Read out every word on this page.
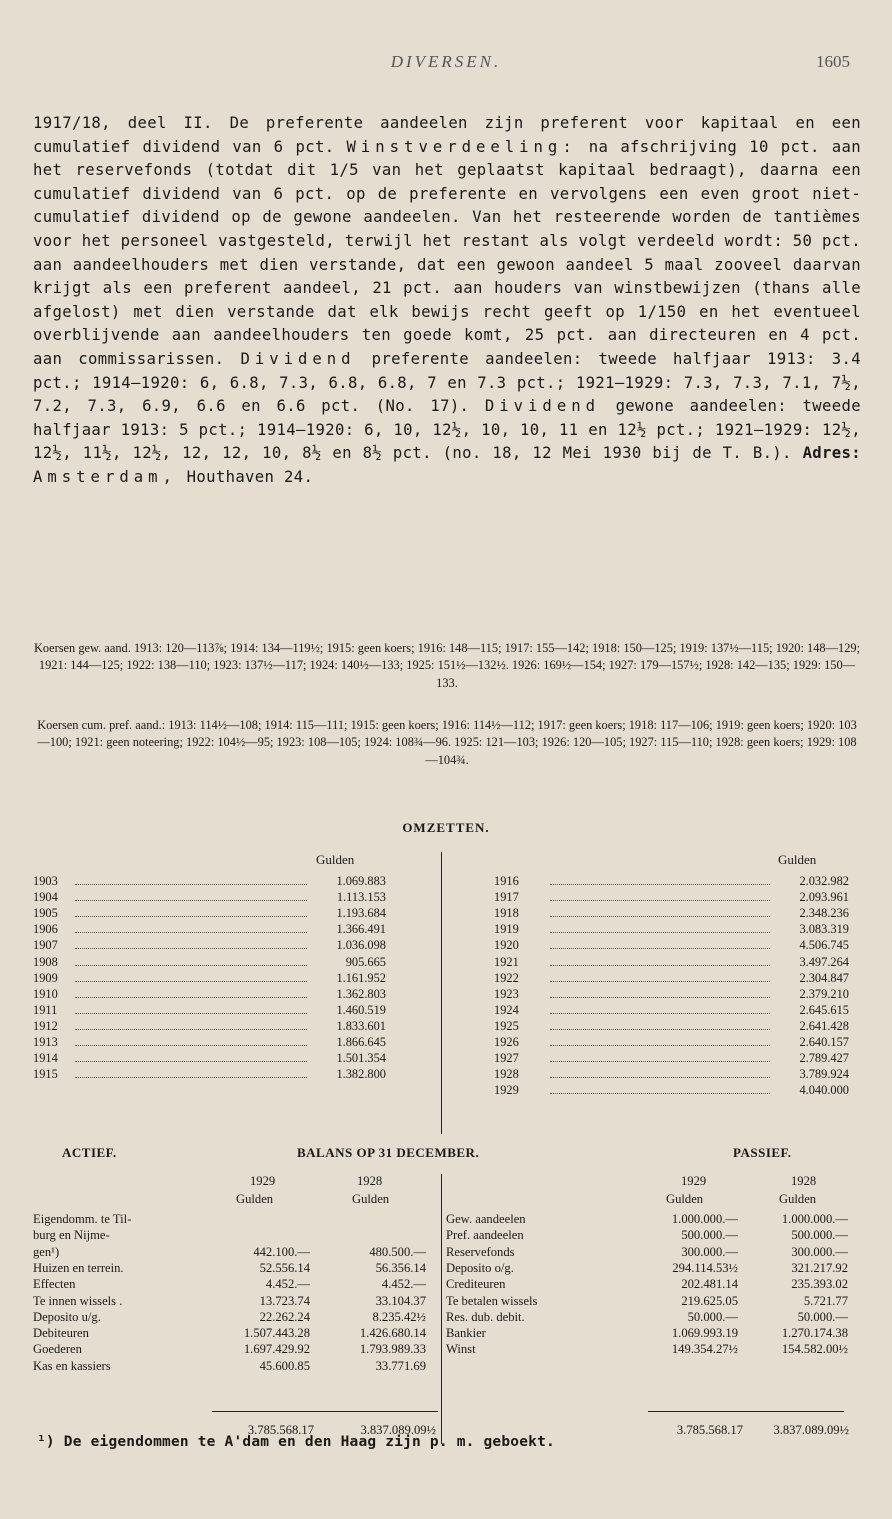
DIVERSEN.	1605
1917/18, deel II. De preferente aandeelen zijn preferent voor kapitaal en een cumulatief dividend van 6 pct. Winstverdeeling: na afschrijving 10 pct. aan het reservefonds (totdat dit 1/5 van het geplaatst kapitaal bedraagt), daarna een cumulatief dividend van 6 pct. op de preferente en vervolgens een even groot niet-cumulatief dividend op de gewone aandeelen. Van het resteerende worden de tantièmes voor het personeel vastgesteld, terwijl het restant als volgt verdeeld wordt: 50 pct. aan aandeelhouders met dien verstande, dat een gewoon aandeel 5 maal zooveel daarvan krijgt als een preferent aandeel, 21 pct. aan houders van winstbewijzen (thans alle afgelost) met dien verstande dat elk bewijs recht geeft op 1/150 en het eventueel overblijvende aan aandeelhouders ten goede komt, 25 pct. aan directeuren en 4 pct. aan commissarissen. Dividend preferente aandeelen: tweede halfjaar 1913: 3.4 pct.; 1914—1920: 6, 6.8, 7.3, 6.8, 6.8, 7 en 7.3 pct.; 1921—1929: 7.3, 7.3, 7.1, 7½, 7.2, 7.3, 6.9, 6.6 en 6.6 pct. (No. 17). Dividend gewone aandeelen: tweede halfjaar 1913: 5 pct.; 1914—1920: 6, 10, 12½, 10, 10, 11 en 12½ pct.; 1921—1929: 12½, 12½, 11½, 12½, 12, 12, 10, 8½ en 8½ pct. (no. 18, 12 Mei 1930 bij de T. B.). Adres: Amsterdam, Houthaven 24.
Koersen gew. aand. 1913: 120—113⅞; 1914: 134—119½; 1915: geen koers; 1916: 148—115; 1917: 155—142; 1918: 150—125; 1919: 137½—115; 1920: 148—129; 1921: 144—125; 1922: 138—110; 1923: 137½—117; 1924: 140½—133; 1925: 151½—132½. 1926: 169½—154; 1927: 179—157½; 1928: 142—135; 1929: 150—133.
Koersen cum. pref. aand.: 1913: 114½—108; 1914: 115—111; 1915: geen koers; 1916: 114½—112; 1917: geen koers; 1918: 117—106; 1919: geen koers; 1920: 103—100; 1921: geen noteering; 1922: 104½—95; 1923: 108—105; 1924: 108¾—96. 1925: 121—103; 1926: 120—105; 1927: 115—110; 1928: geen koers; 1929: 108—104¾.
OMZETTEN.
Gulden	Gulden
1903	1.069.883
1904	1.113.153
1905	1.193.684
1906	1.366.491
1907	1.036.098
1908	905.665
1909	1.161.952
1910	1.362.803
1911	1.460.519
1912	1.833.601
1913	1.866.645
1914	1.501.354
1915	1.382.800
1916	2.032.982
1917	2.093.961
1918	2.348.236
1919	3.083.319
1920	4.506.745
1921	3.497.264
1922	2.304.847
1923	2.379.210
1924	2.645.615
1925	2.641.428
1926	2.640.157
1927	2.789.427
1928	3.789.924
1929	4.040.000
ACTIEF.	BALANS OP 31 DECEMBER.	PASSIEF.
1929	1928
Gulden	Gulden
1929	1928
Gulden	Gulden
Eigendomm. te Til-
burg en Nijme-
gen¹)	442.100.—	480.500.—
Huizen en terrein.	52.556.14	56.356.14
Effecten	4.452.—	4.452.—
Te innen wissels .	13.723.74	33.104.37
Deposito u/g.	22.262.24	8.235.42½
Debiteuren	1.507.443.28	1.426.680.14
Goederen	1.697.429.92	1.793.989.33
Kas en kassiers	45.600.85	33.771.69
Gew. aandeelen	1.000.000.—	1.000.000.—
Pref. aandeelen	500.000.—	500.000.—
Reservefonds	300.000.—	300.000.—
Deposito o/g.	294.114.53½	321.217.92
Crediteuren	202.481.14	235.393.02
Te betalen wissels	219.625.05	5.721.77
Res. dub. debit.	50.000.—	50.000.—
Bankier	1.069.993.19	1.270.174.38
Winst	149.354.27½	154.582.00½
3.785.568.17	3.837.089.09½	3.785.568.17	3.837.089.09½
¹) De eigendommen te A'dam en den Haag zijn p. m. geboekt.
